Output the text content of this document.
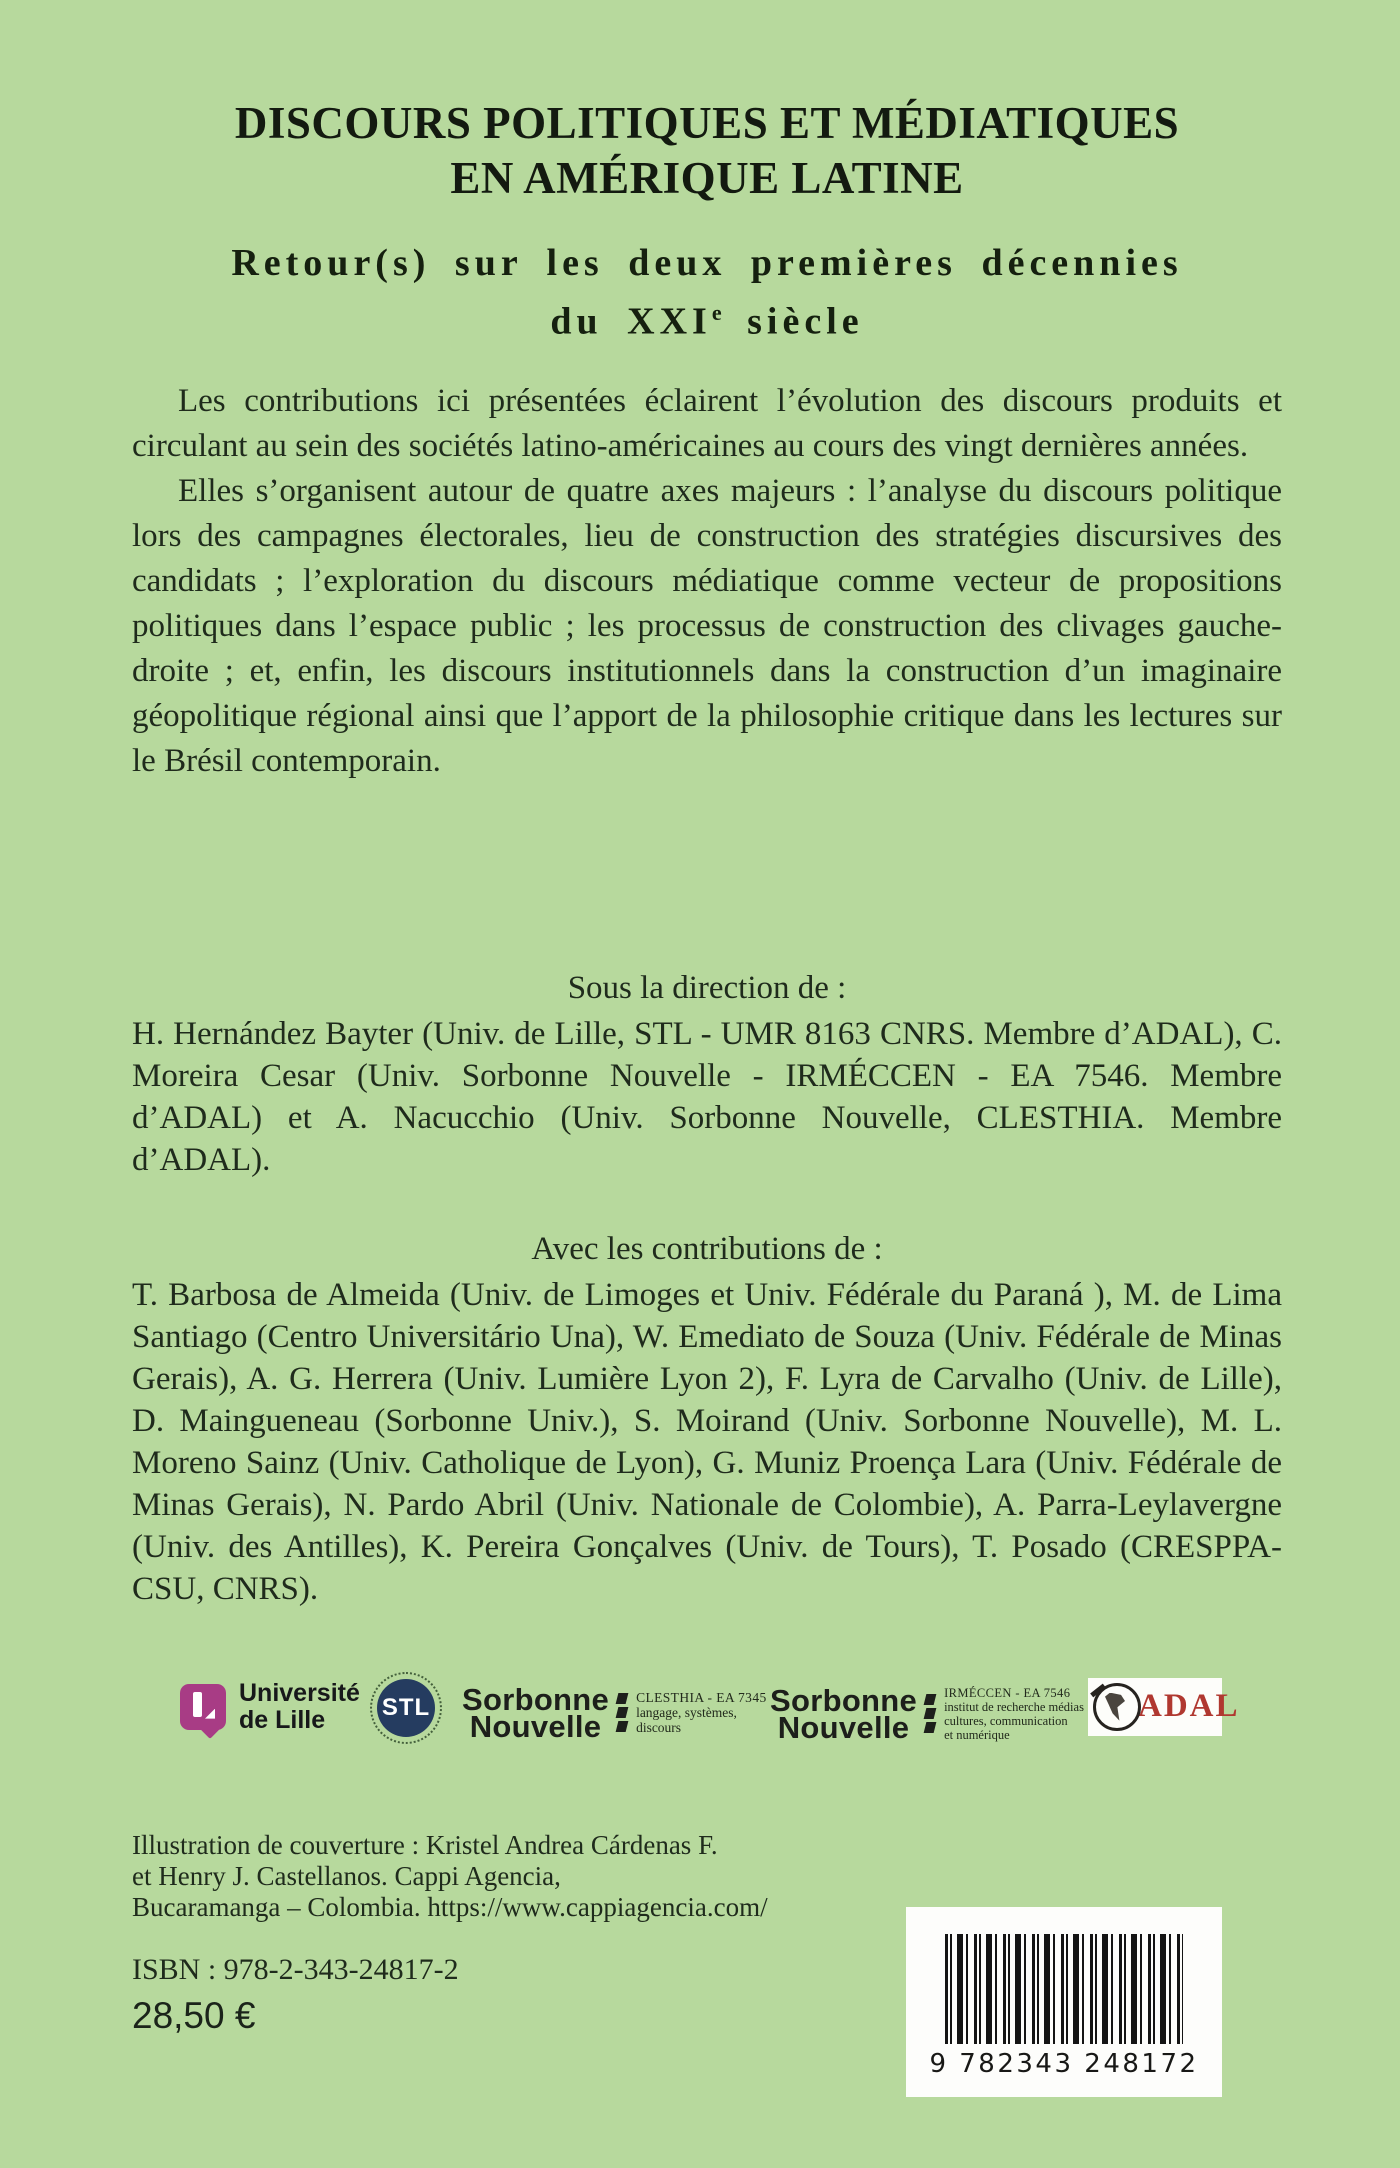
DISCOURS POLITIQUES ET MÉDIATIQUES
EN AMÉRIQUE LATINE
Retour(s) sur les deux premières décennies
du XXIe siècle

Les contributions ici présentées éclairent l’évolution des discours produits et circulant au sein des sociétés latino-américaines au cours des vingt dernières années.

Elles s’organisent autour de quatre axes majeurs : l’analyse du discours politique lors des campagnes électorales, lieu de construction des stratégies discursives des candidats ; l’exploration du discours médiatique comme vecteur de propositions politiques dans l’espace public ; les processus de construction des clivages gauche-droite ; et, enfin, les discours institutionnels dans la construction d’un imaginaire géopolitique régional ainsi que l’apport de la philosophie critique dans les lectures sur le Brésil contemporain.

Sous la direction de :

H. Hernández Bayter (Univ. de Lille, STL - UMR 8163 CNRS. Membre d’ADAL), C. Moreira Cesar (Univ. Sorbonne Nouvelle - IRMÉCCEN - EA 7546. Membre d’ADAL) et A. Nacucchio (Univ. Sorbonne Nouvelle, CLESTHIA. Membre d’ADAL).

Avec les contributions de :

T. Barbosa de Almeida (Univ. de Limoges et Univ. Fédérale du Paraná ), M. de Lima Santiago (Centro Universitário Una), W. Emediato de Souza (Univ. Fédérale de Minas Gerais), A. G. Herrera (Univ. Lumière Lyon 2), F. Lyra de Carvalho (Univ. de Lille), D. Maingueneau (Sorbonne Univ.), S. Moirand (Univ. Sorbonne Nouvelle), M. L. Moreno Sainz (Univ. Catholique de Lyon), G. Muniz Proença Lara (Univ. Fédérale de Minas Gerais), N. Pardo Abril (Univ. Nationale de Colombie), A. Parra-Leylavergne (Univ. des Antilles), K. Pereira Gonçalves (Univ. de Tours), T. Posado (CRESPPA-CSU, CNRS).

Université
de Lille	STL Sorbonne
Nouvelle
CLESTHIA - EA 7345
langage, systèmes,
discours
Sorbonne
Nouvelle
IRMÉCCEN - EA 7546
institut de recherche médias
cultures, communication
et numérique
ADAL
Illustration de couverture : Kristel Andrea Cárdenas F.
et Henry J. Castellanos. Cappi Agencia,
Bucaramanga – Colombia. https://www.cappiagencia.com/
ISBN : 978-2-343-24817-2
28,50 €
9 782343 248172
